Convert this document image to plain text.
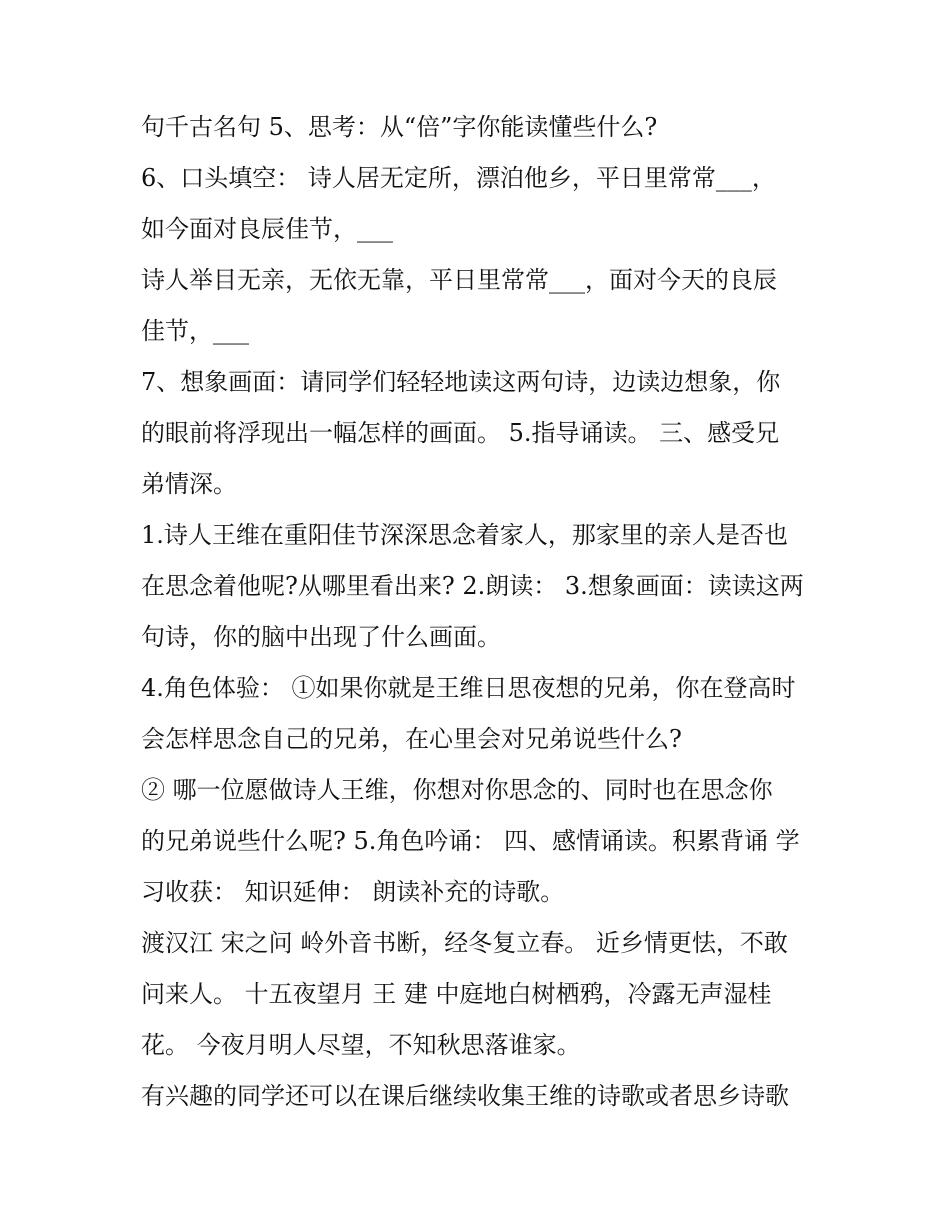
句千古名句 5、思考：从“倍”字你能读懂些什么?

6、口头填空： 诗人居无定所，漂泊他乡，平日里常常___，
如今面对良辰佳节，___

诗人举目无亲，无依无靠，平日里常常___，面对今天的良辰
佳节，___

7、想象画面：请同学们轻轻地读这两句诗，边读边想象，你
的眼前将浮现出一幅怎样的画面。 5.指导诵读。 三、感受兄
弟情深。

1.诗人王维在重阳佳节深深思念着家人，那家里的亲人是否也
在思念着他呢?从哪里看出来? 2.朗读： 3.想象画面：读读这两
句诗，你的脑中出现了什么画面。

4.角色体验： ①如果你就是王维日思夜想的兄弟，你在登高时
会怎样思念自己的兄弟，在心里会对兄弟说些什么?

② 哪一位愿做诗人王维，你想对你思念的、同时也在思念你
的兄弟说些什么呢? 5.角色吟诵： 四、感情诵读。积累背诵 学
习收获： 知识延伸： 朗读补充的诗歌。

渡汉江 宋之问 岭外音书断，经冬复立春。 近乡情更怯，不敢
问来人。 十五夜望月 王 建 中庭地白树栖鸦，冷露无声湿桂
花。 今夜月明人尽望，不知秋思落谁家。

有兴趣的同学还可以在课后继续收集王维的诗歌或者思乡诗歌
